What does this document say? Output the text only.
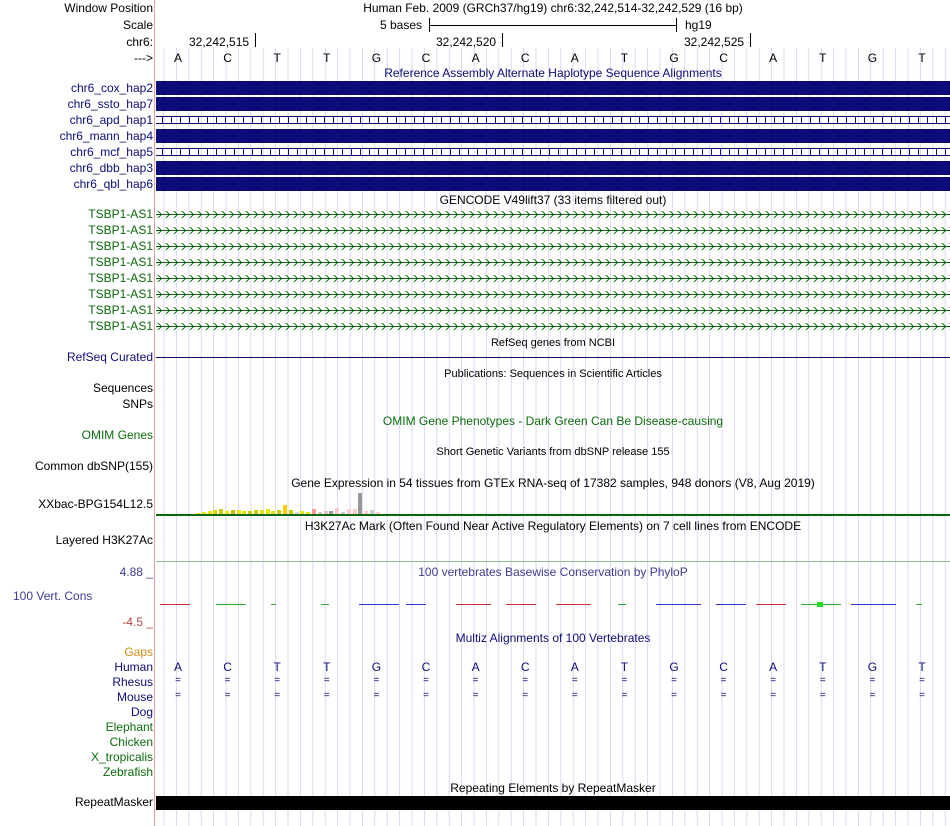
Window Position	Human Feb. 2009 (GRCh37/hg19) chr6:32,242,514-32,242,529 (16 bp)
Scale	5 bases	hg19
chr6:	32,242,515	32,242,520	32,242,525
--->	A	C	T	T	G	C	A	C	A	T	G	C	A	T	G	T
Reference Assembly Alternate Haplotype Sequence Alignments
chr6_cox_hap2
chr6_ssto_hap7
chr6_apd_hap1
chr6_mann_hap4
chr6_mcf_hap5
chr6_dbb_hap3
chr6_qbl_hap6
GENCODE V49lift37 (33 items filtered out)
TSBP1-AS1
TSBP1-AS1
TSBP1-AS1
TSBP1-AS1
TSBP1-AS1
TSBP1-AS1
TSBP1-AS1
TSBP1-AS1
RefSeq genes from NCBI
RefSeq Curated
Publications: Sequences in Scientific Articles
Sequences
SNPs
OMIM Gene Phenotypes - Dark Green Can Be Disease-causing
OMIM Genes
Short Genetic Variants from dbSNP release 155
Common dbSNP(155)
Gene Expression in 54 tissues from GTEx RNA-seq of 17382 samples, 948 donors (V8, Aug 2019)
XXbac-BPG154L12.5
H3K27Ac Mark (Often Found Near Active Regulatory Elements) on 7 cell lines from ENCODE
Layered H3K27Ac
4.88 _	100 vertebrates Basewise Conservation by PhyloP
100 Vert. Cons
-4.5 _
Multiz Alignments of 100 Vertebrates
Gaps
Human	A	C	T	T	G	C	A	C	A	T	G	C	A	T	G	T
Rhesus	=	=	=	=	=	=	=	=	=	=	=	=	=	=	=	=
Mouse	=	=	=	=	=	=	=	=	=	=	=	=	=	=	=	=
Dog
Elephant
Chicken
X_tropicalis
Zebrafish
Repeating Elements by RepeatMasker
RepeatMasker
